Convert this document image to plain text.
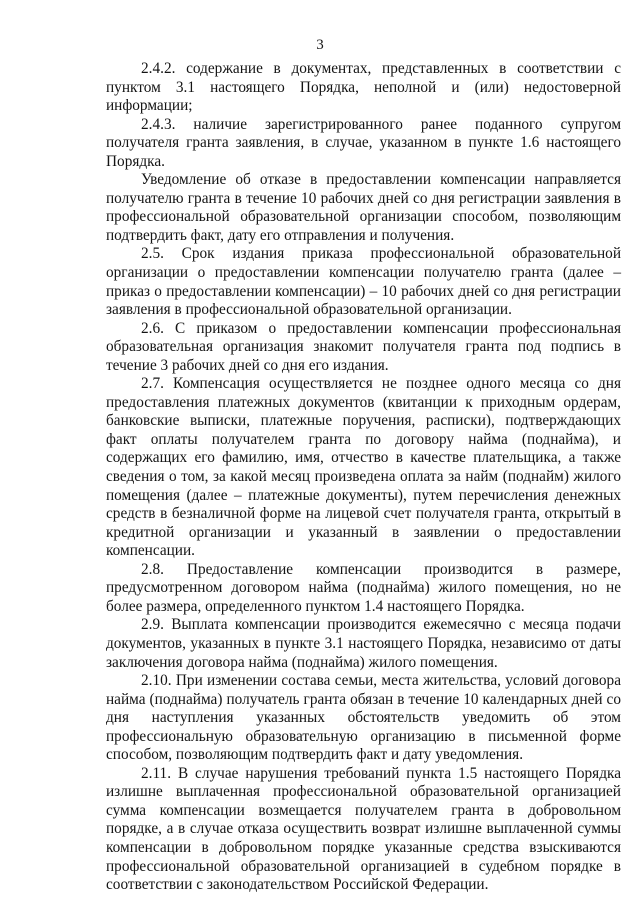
3

2.4.2. содержание в документах, представленных в соответствии с пунктом 3.1 настоящего Порядка, неполной и (или) недостоверной информации;

2.4.3. наличие зарегистрированного ранее поданного супругом получателя гранта заявления, в случае, указанном в пункте 1.6 настоящего Порядка.

Уведомление об отказе в предоставлении компенсации направляется получателю гранта в течение 10 рабочих дней со дня регистрации заявления в профессиональной образовательной организации способом, позволяющим подтвердить факт, дату его отправления и получения.

2.5. Срок издания приказа профессиональной образовательной организации о предоставлении компенсации получателю гранта (далее – приказ о предоставлении компенсации) – 10 рабочих дней со дня регистрации заявления в профессиональной образовательной организации.

2.6. С приказом о предоставлении компенсации профессиональная образовательная организация знакомит получателя гранта под подпись в течение 3 рабочих дней со дня его издания.

2.7. Компенсация осуществляется не позднее одного месяца со дня предоставления платежных документов (квитанции к приходным ордерам, банковские выписки, платежные поручения, расписки), подтверждающих факт оплаты получателем гранта по договору найма (поднайма), и содержащих его фамилию, имя, отчество в качестве плательщика, а также сведения о том, за какой месяц произведена оплата за найм (поднайм) жилого помещения (далее – платежные документы), путем перечисления денежных средств в безналичной форме на лицевой счет получателя гранта, открытый в кредитной организации и указанный в заявлении о предоставлении компенсации.

2.8. Предоставление компенсации производится в размере, предусмотренном договором найма (поднайма) жилого помещения, но не более размера, определенного пунктом 1.4 настоящего Порядка.

2.9. Выплата компенсации производится ежемесячно с месяца подачи документов, указанных в пункте 3.1 настоящего Порядка, независимо от даты заключения договора найма (поднайма) жилого помещения.

2.10. При изменении состава семьи, места жительства, условий договора найма (поднайма) получатель гранта обязан в течение 10 календарных дней со дня наступления указанных обстоятельств уведомить об этом профессиональную образовательную организацию в письменной форме способом, позволяющим подтвердить факт и дату уведомления.

2.11. В случае нарушения требований пункта 1.5 настоящего Порядка излишне выплаченная профессиональной образовательной организацией сумма компенсации возмещается получателем гранта в добровольном порядке, а в случае отказа осуществить возврат излишне выплаченной суммы компенсации в добровольном порядке указанные средства взыскиваются профессиональной образовательной организацией в судебном порядке в соответствии с законодательством Российской Федерации.
